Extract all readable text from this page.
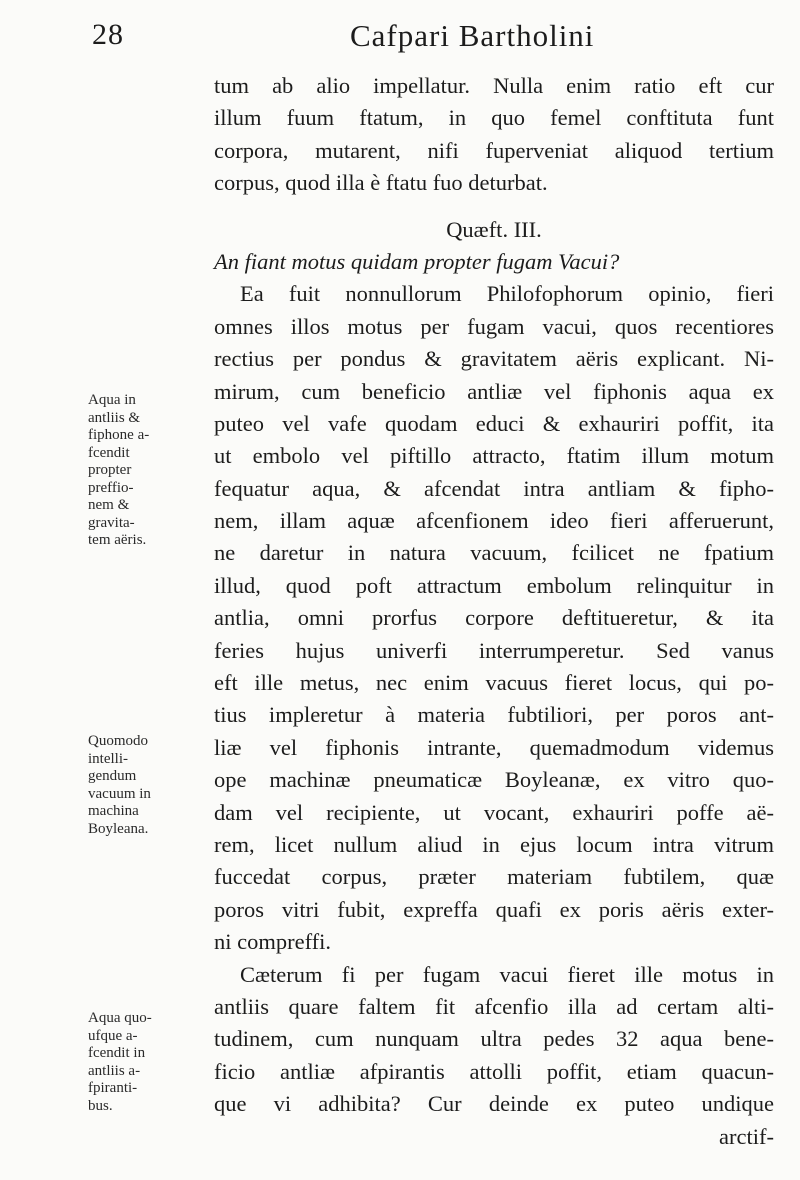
28	Cafpari Bartholini
tum ab alio impellatur. Nulla enim ratio eft cur
illum fuum ftatum, in quo femel conftituta funt
corpora, mutarent, nifi fuperveniat aliquod tertium
corpus, quod illa è ftatu fuo deturbat.
Quæft. III.
An fiant motus quidam propter fugam Vacui?
Ea fuit nonnullorum Philofophorum opinio, fieri
omnes illos motus per fugam vacui, quos recentiores
rectius per pondus & gravitatem aëris explicant. Ni-
mirum, cum beneficio antliæ vel fiphonis aqua ex
puteo vel vafe quodam educi & exhauriri poffit, ita
ut embolo vel piftillo attracto, ftatim illum motum
fequatur aqua, & afcendat intra antliam & fipho-
nem, illam aquæ afcenfionem ideo fieri afferuerunt,
ne daretur in natura vacuum, fcilicet ne fpatium
illud, quod poft attractum embolum relinquitur in
antlia, omni prorfus corpore deftitueretur, & ita
feries hujus univerfi interrumperetur. Sed vanus
eft ille metus, nec enim vacuus fieret locus, qui po-
tius impleretur à materia fubtiliori, per poros ant-
liæ vel fiphonis intrante, quemadmodum videmus
ope machinæ pneumaticæ Boyleanæ, ex vitro quo-
dam vel recipiente, ut vocant, exhauriri poffe aë-
rem, licet nullum aliud in ejus locum intra vitrum
fuccedat corpus, præter materiam fubtilem, quæ
poros vitri fubit, expreffa quafi ex poris aëris exter-
ni compreffi.
Cæterum fi per fugam vacui fieret ille motus in
antliis quare faltem fit afcenfio illa ad certam alti-
tudinem, cum nunquam ultra pedes 32 aqua bene-
ficio antliæ afpirantis attolli poffit, etiam quacun-
que vi adhibita? Cur deinde ex puteo undique
arctif-
Aqua in
antliis &
fiphone a-
fcendit
propter
preffio-
nem &
gravita-
tem aëris.
Quomodo
intelli-
gendum
vacuum in
machina
Boyleana.
Aqua quo-
ufque a-
fcendit in
antliis a-
fpiranti-
bus.
